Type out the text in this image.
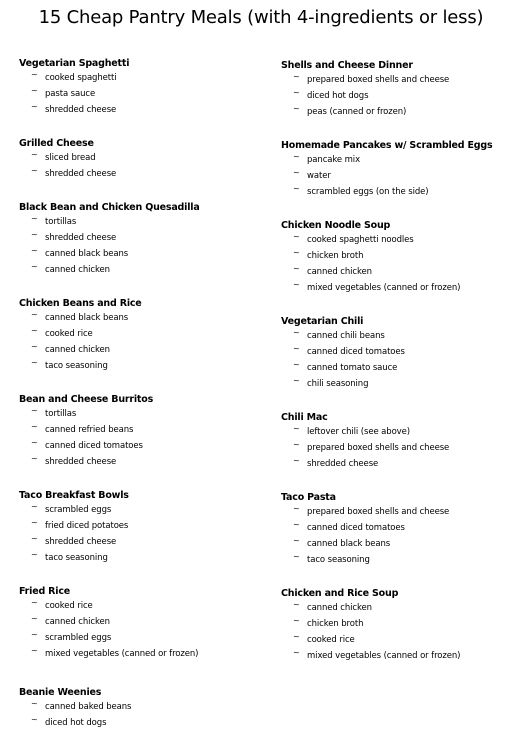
15 Cheap Pantry Meals (with 4-ingredients or less)
Vegetarian Spaghetti
~ cooked spaghetti
~ pasta sauce
~ shredded cheese
Grilled Cheese
~ sliced bread
~ shredded cheese
Black Bean and Chicken Quesadilla
~ tortillas
~ shredded cheese
~ canned black beans
~ canned chicken
Chicken Beans and Rice
~ canned black beans
~ cooked rice
~ canned chicken
~ taco seasoning
Bean and Cheese Burritos
~ tortillas
~ canned refried beans
~ canned diced tomatoes
~ shredded cheese
Taco Breakfast Bowls
~ scrambled eggs
~ fried diced potatoes
~ shredded cheese
~ taco seasoning
Fried Rice
~ cooked rice
~ canned chicken
~ scrambled eggs
~ mixed vegetables (canned or frozen)
Beanie Weenies
~ canned baked beans
~ diced hot dogs
Shells and Cheese Dinner
~ prepared boxed shells and cheese
~ diced hot dogs
~ peas (canned or frozen)
Homemade Pancakes w/ Scrambled Eggs
~ pancake mix
~ water
~ scrambled eggs (on the side)
Chicken Noodle Soup
~ cooked spaghetti noodles
~ chicken broth
~ canned chicken
~ mixed vegetables (canned or frozen)
Vegetarian Chili
~ canned chili beans
~ canned diced tomatoes
~ canned tomato sauce
~ chili seasoning
Chili Mac
~ leftover chili (see above)
~ prepared boxed shells and cheese
~ shredded cheese
Taco Pasta
~ prepared boxed shells and cheese
~ canned diced tomatoes
~ canned black beans
~ taco seasoning
Chicken and Rice Soup
~ canned chicken
~ chicken broth
~ cooked rice
~ mixed vegetables (canned or frozen)
